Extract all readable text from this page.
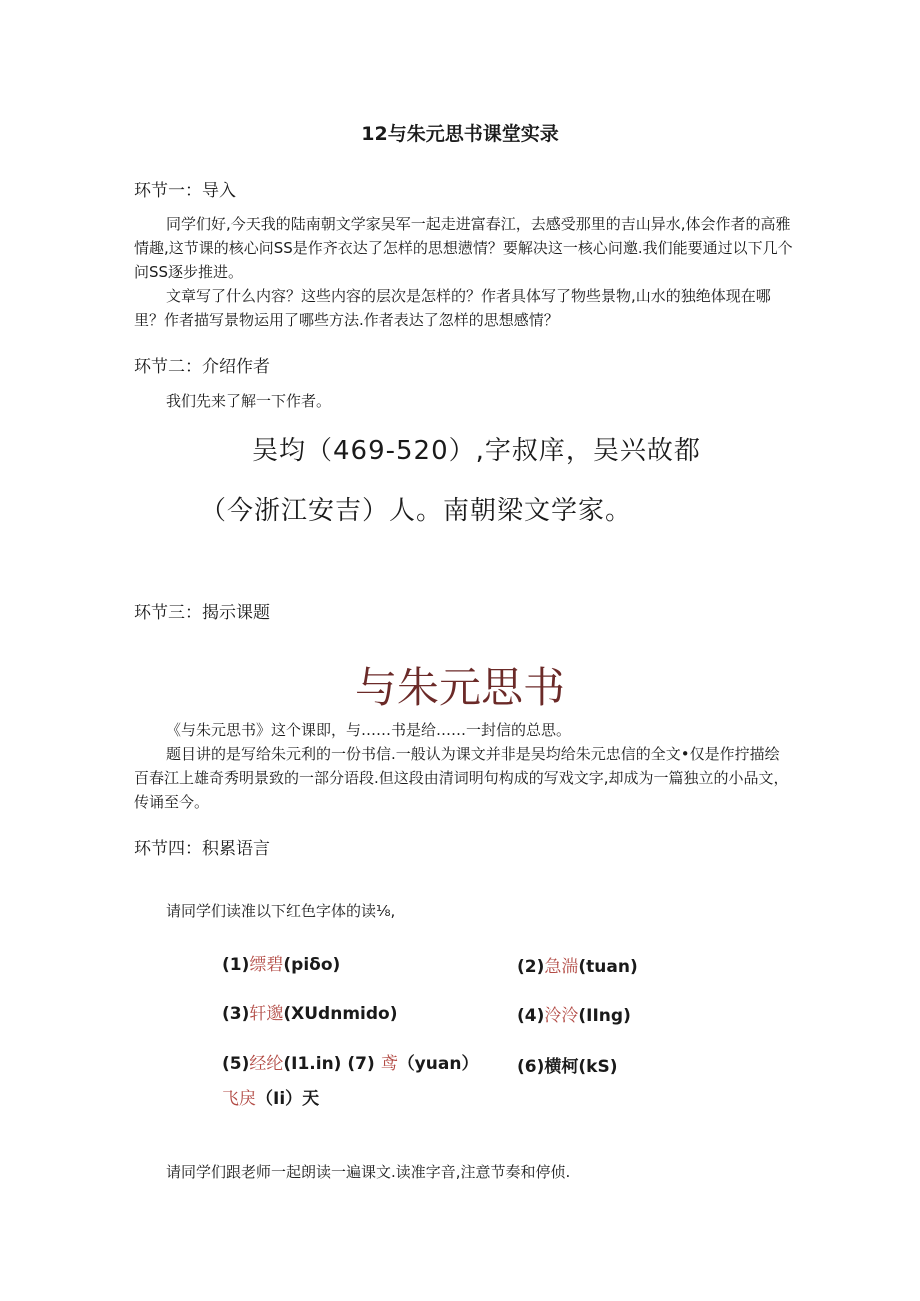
12与朱元思书课堂实录
环节一：导入

同学们好,今天我的陆南朝文学家吴军一起走进富春江，去感受那里的吉山异水,体会作者的高雅情趣,这节课的核心问SS是作齐衣达了怎样的思想懑情？要解决这一核心问邀.我们能要通过以下几个问SS逐步推进。

文章写了什么内容？这些内容的层次是怎样的？作者具体写了物些景物,山水的独绝体现在哪里？作者描写景物运用了哪些方法.作者表达了忽样的思想感情？

环节二：介绍作者
我们先来了解一下作者。
吴均（469-520）,字叔庠，吴兴故都
（今浙江安吉）人。南朝梁文学家。
环节三：揭示课题
与朱元思书

《与朱元思书》这个课即，与……书是给……一封信的总思。

题目讲的是写给朱元利的一份书信.一般认为课文并非是吴均给朱元忠信的全文•仅是作拧描绘百春江上雄奇秀明景致的一部分语段.但这段由清词明句构成的写戏文字,却成为一篇独立的小品文，传诵至今。

环节四：积累语言
请同学们读准以下红色字体的读⅛,
(1)缥碧(piδo)	(2)急湍(tuan)
(3)轩邈(XUdnmido)	(4)泠泠(IIng)
(5)经纶(I1.in) (7) 鸢（yuan） (6)横柯(kS)
飞戾（Ii）天
请同学们跟老师一起朗读一遍课文.读准字音,注意节奏和停侦.
